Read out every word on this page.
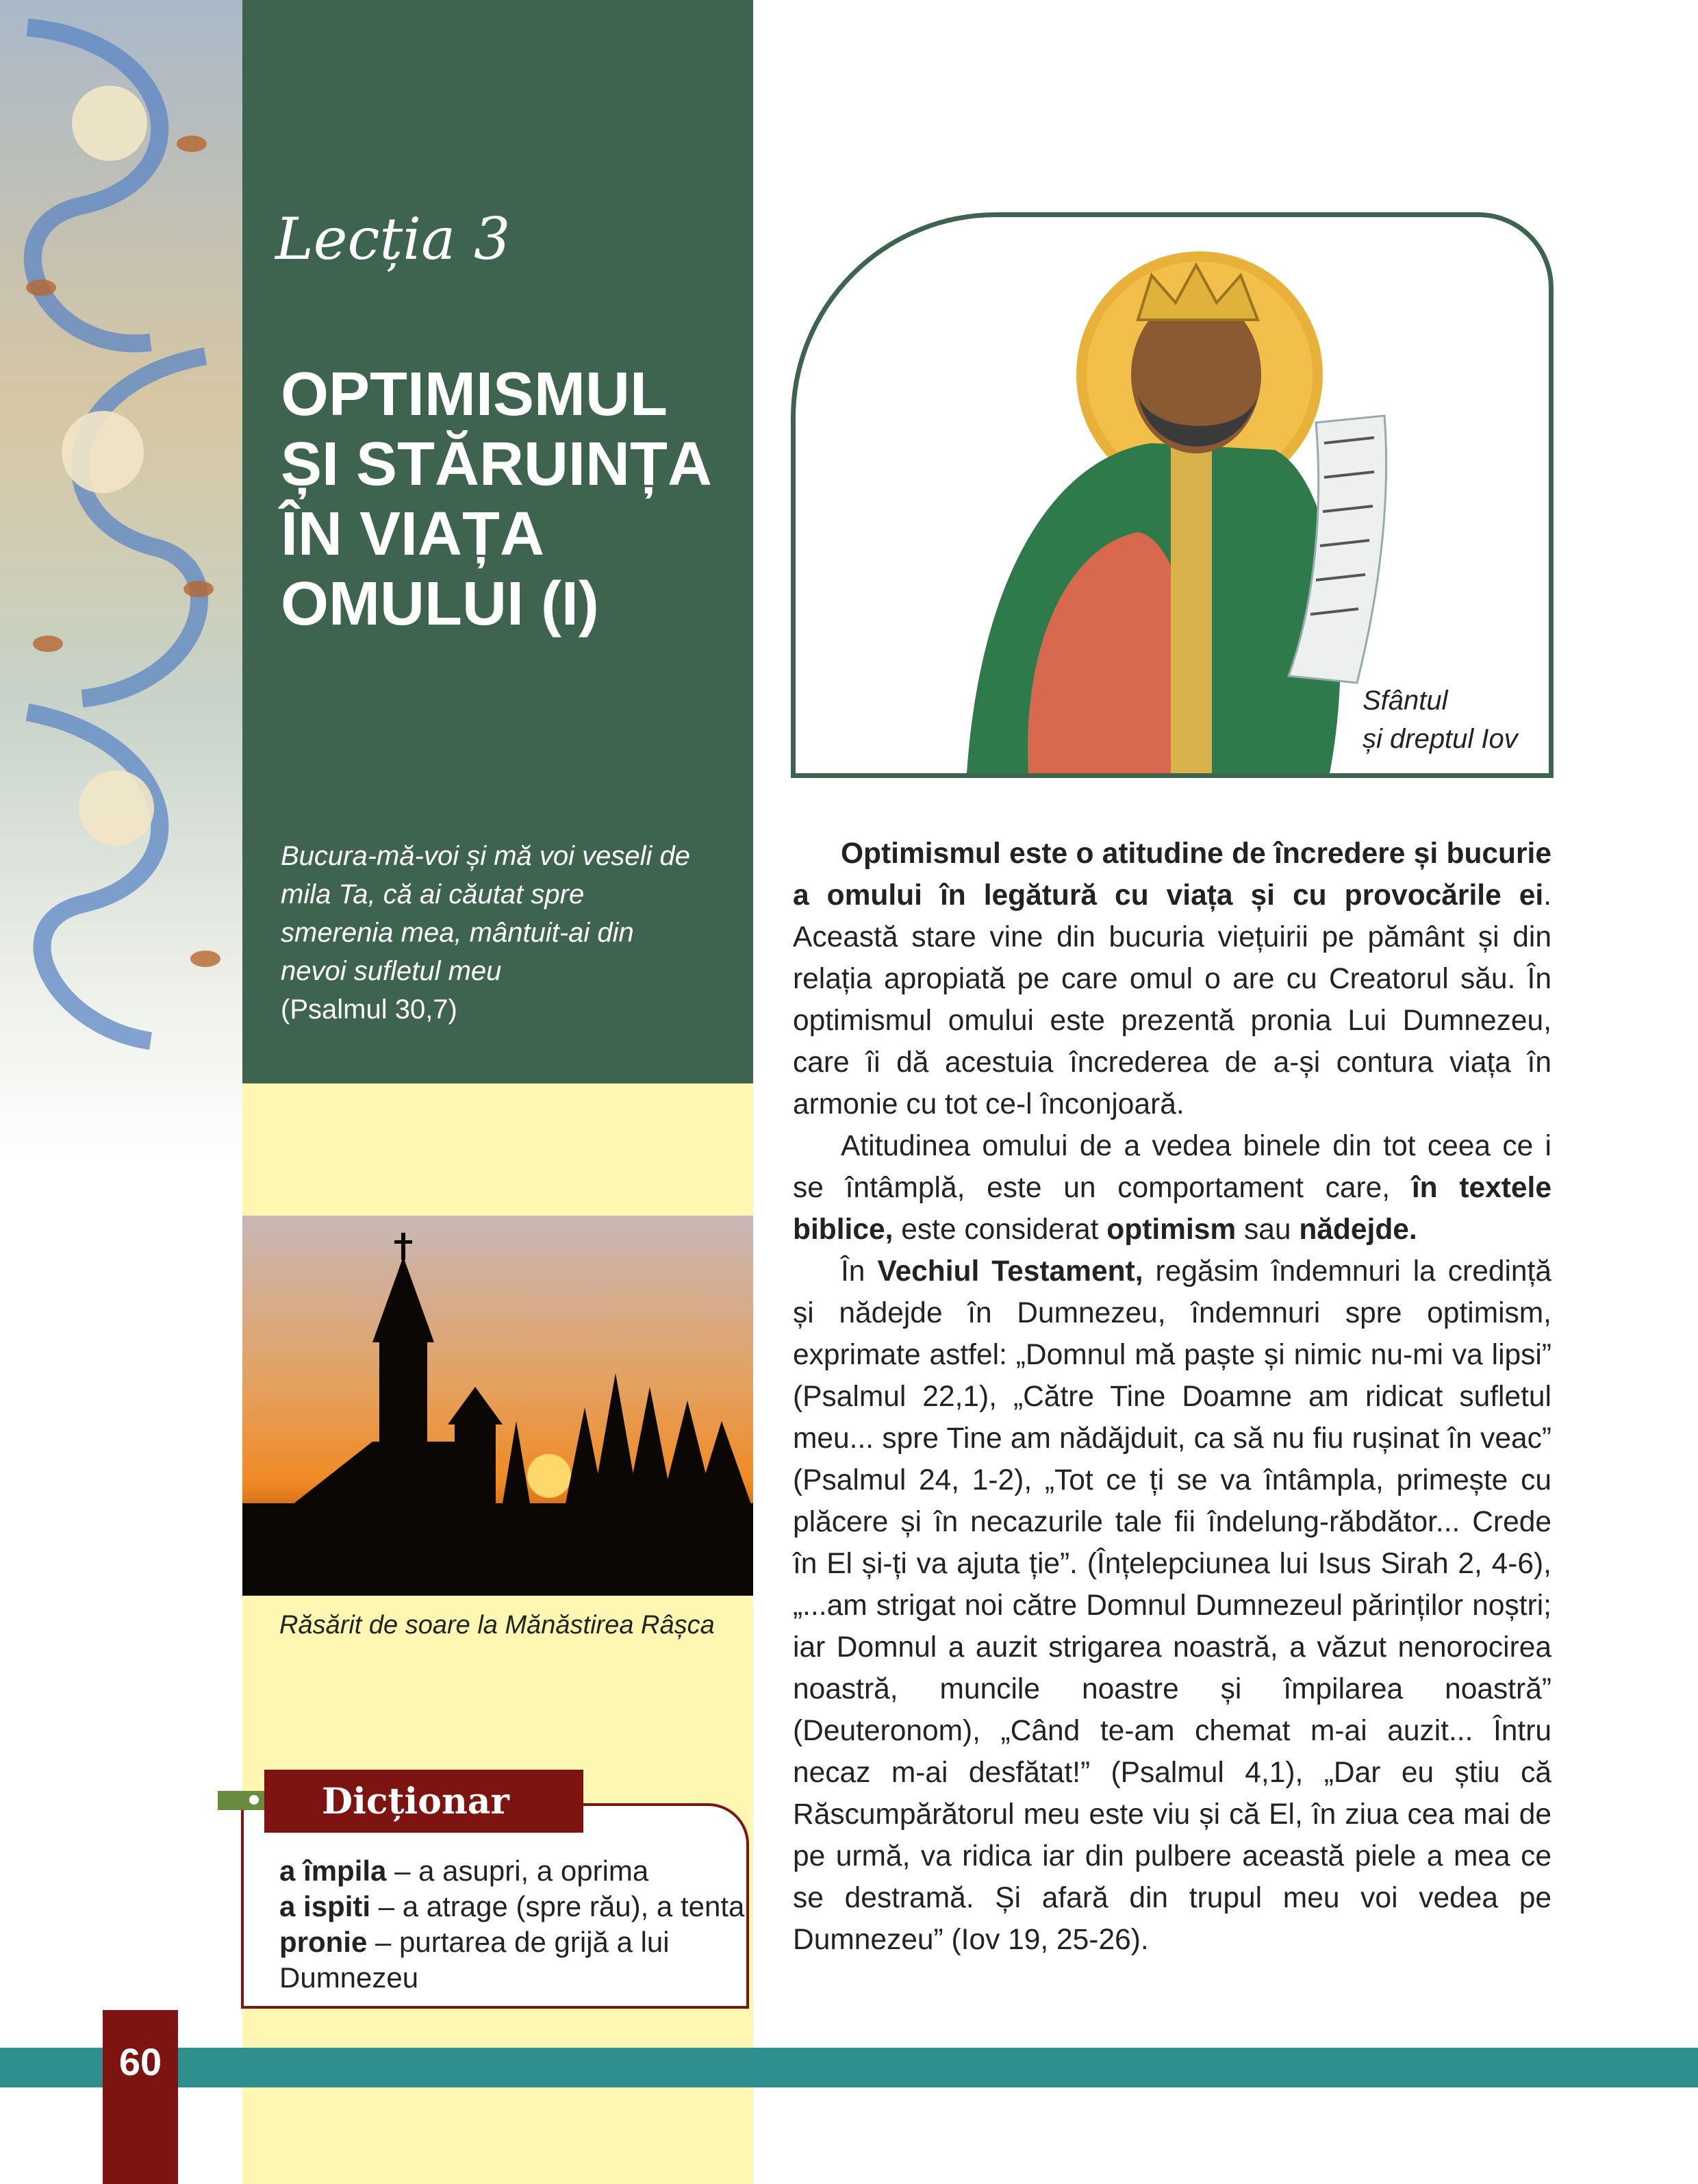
Lecția 3
OPTIMISMUL
ȘI STĂRUINȚA
ÎN VIAȚA
OMULUI (I)
Bucura-mă-voi și mă voi veseli de
mila Ta, că ai căutat spre
smerenia mea, mântuit-ai din
nevoi sufletul meu
(Psalmul 30,7)
Răsărit de soare la Mănăstirea Râșca
Dicționar
a împila – a asupri, a oprima
a ispiti – a atrage (spre rău), a tenta
pronie – purtarea de grijă a lui Dumnezeu
Sfântul
și dreptul Iov

Optimismul este o atitudine de încredere și bucurie a omului în legătură cu viața și cu provocările ei. Această stare vine din bucuria viețuirii pe pământ și din relația apropiată pe care omul o are cu Creatorul său. În optimismul omului este prezentă pronia Lui Dumnezeu, care îi dă acestuia încrederea de a-și contura viața în armonie cu tot ce-l înconjoară.

Atitudinea omului de a vedea binele din tot ceea ce i se întâmplă, este un comportament care, în textele biblice, este considerat optimism sau nădejde.

În Vechiul Testament, regăsim îndemnuri la credință și nădejde în Dumnezeu, îndemnuri spre optimism, exprimate astfel: „Domnul mă paște și nimic nu-mi va lipsi” (Psalmul 22,1), „Către Tine Doamne am ridicat sufletul meu... spre Tine am nădăjduit, ca să nu fiu rușinat în veac” (Psalmul 24, 1-2), „Tot ce ți se va întâmpla, primește cu plăcere și în necazurile tale fii îndelung-răbdător... Crede în El și-ți va ajuta ție”. (Înțelepciunea lui Isus Sirah 2, 4-6), „...am strigat noi către Domnul Dumnezeul părinților noștri; iar Domnul a auzit strigarea noastră, a văzut nenorocirea noastră, muncile noastre și împilarea noastră” (Deuteronom), „Când te-am chemat m-ai auzit... Întru necaz m-ai desfătat!” (Psalmul 4,1), „Dar eu știu că Răscumpărătorul meu este viu și că El, în ziua cea mai de pe urmă, va ridica iar din pulbere această piele a mea ce se destramă. Și afară din trupul meu voi vedea pe Dumnezeu” (Iov 19, 25-26).

60
